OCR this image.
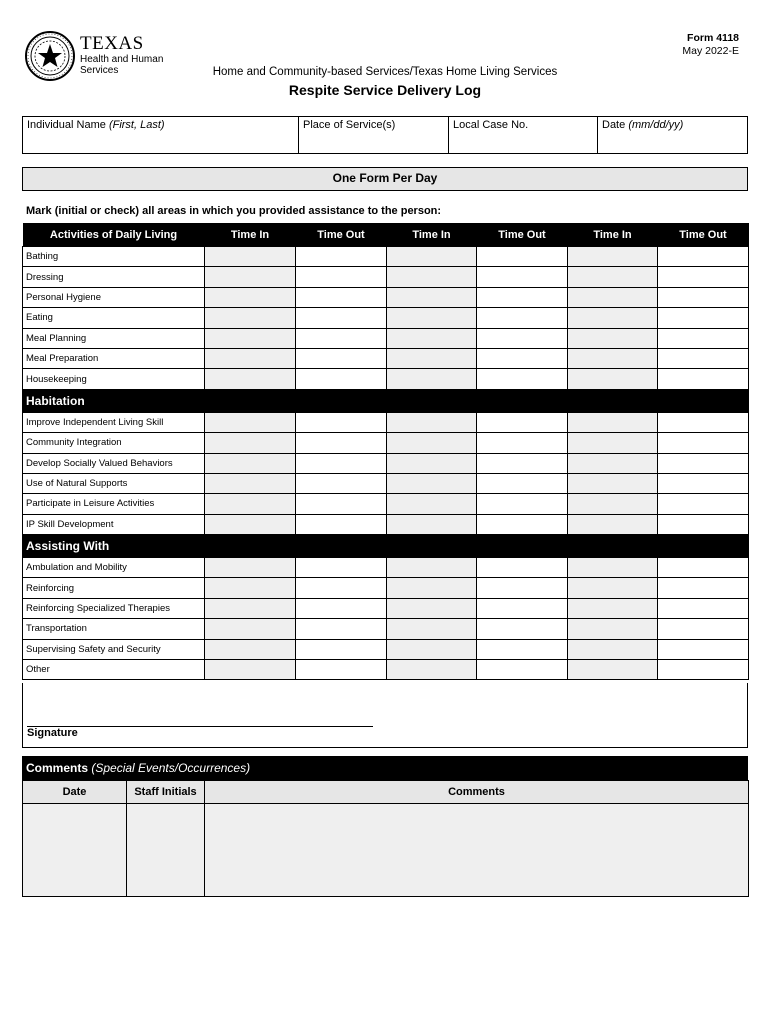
TEXAS
Health and Human
Services
Form 4118
May 2022-E
Home and Community-based Services/Texas Home Living Services
Respite Service Delivery Log
Individual Name (First, Last)	Place of Service(s)	Local Case No.	Date (mm/dd/yy)
One Form Per Day
Mark (initial or check) all areas in which you provided assistance to the person:
Activities of Daily Living	Time In	Time Out	Time In	Time Out	Time In	Time Out
Bathing						
Dressing						
Personal Hygiene						
Eating						
Meal Planning						
Meal Preparation						
Housekeeping						
Habitation						
Improve Independent Living Skill						
Community Integration						
Develop Socially Valued Behaviors						
Use of Natural Supports						
Participate in Leisure Activities						
IP Skill Development						
Assisting With						
Ambulation and Mobility						
Reinforcing						
Reinforcing Specialized Therapies						
Transportation						
Supervising Safety and Security						
Other						
Signature
Comments (Special Events/Occurrences)
Date	Staff Initials	Comments
